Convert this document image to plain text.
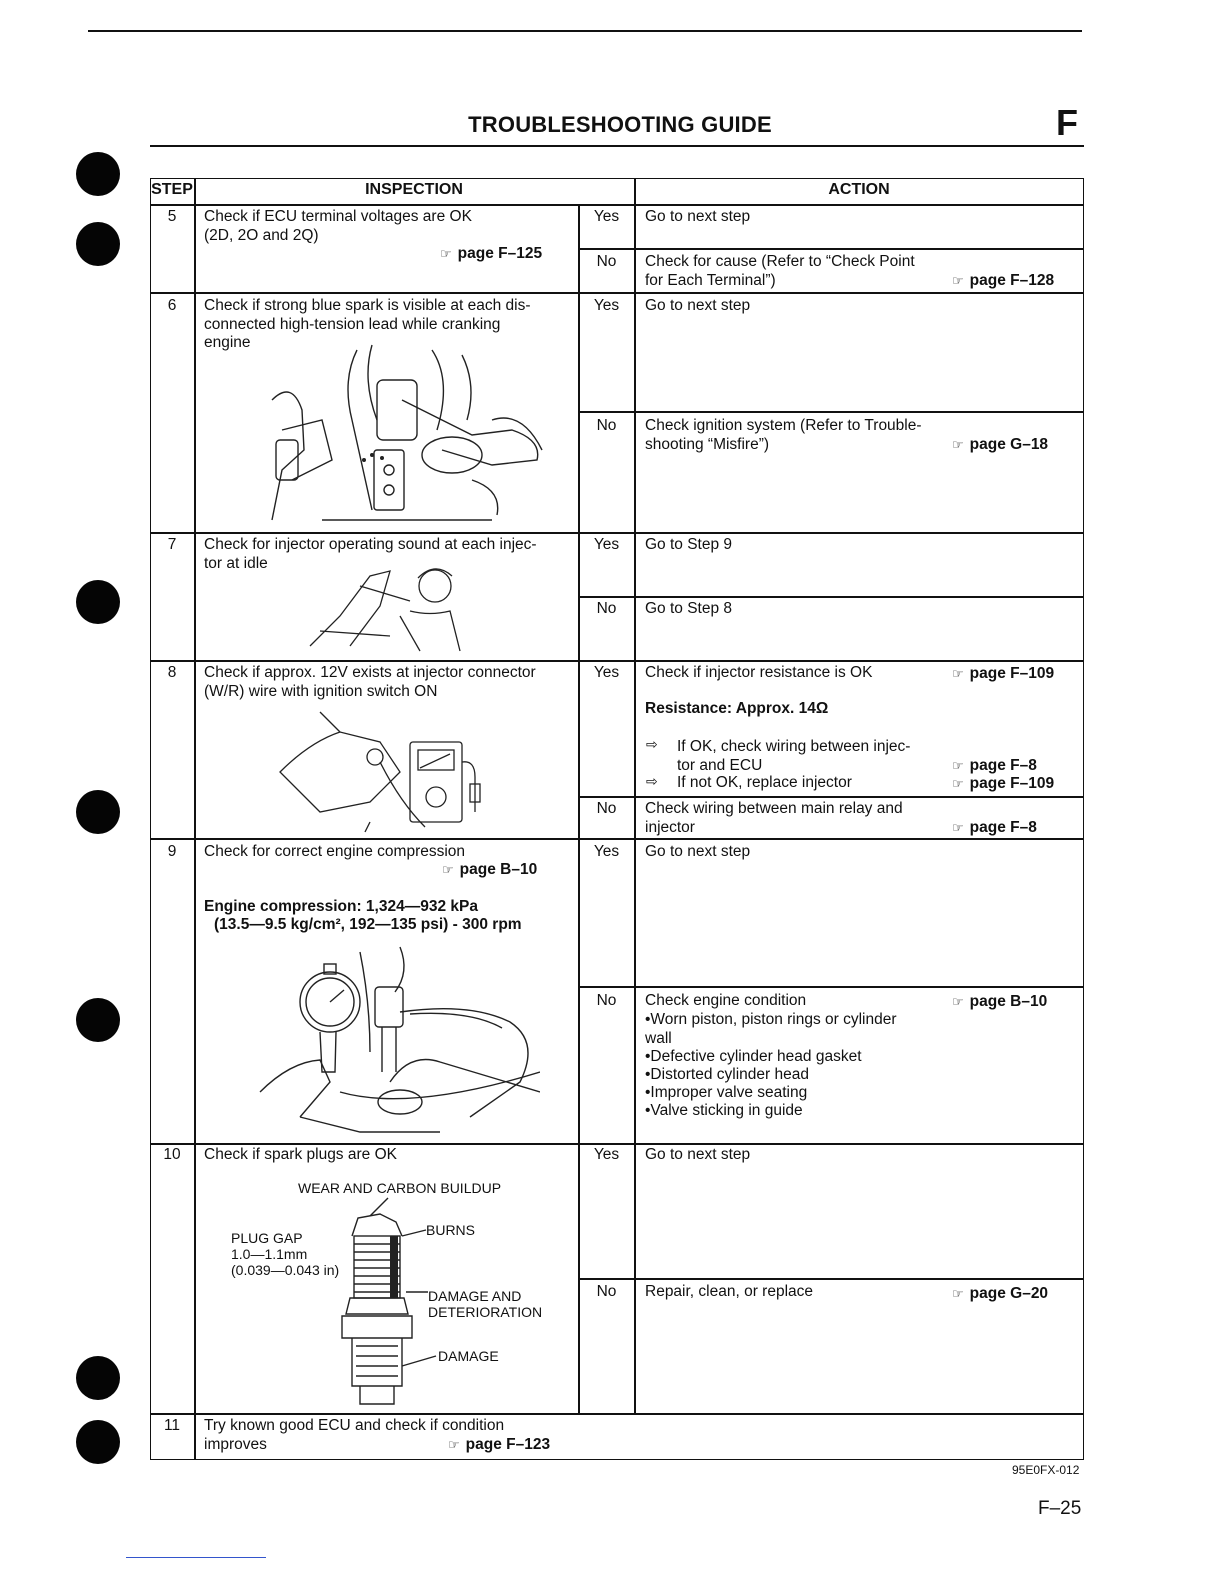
TROUBLESHOOTING GUIDE	F
STEP	INSPECTION	ACTION
5	Check if ECU terminal voltages are OK
(2D, 2O and 2Q)
☞ page F–125
Yes	Go to next step
No	Check for cause (Refer to “Check Point
for Each Terminal”)	☞ page F–128
6	Check if strong blue spark is visible at each dis-
connected high-tension lead while cranking
engine
Yes	Go to next step
No	Check ignition system (Refer to Trouble-
shooting “Misfire”)	☞ page G–18
7	Check for injector operating sound at each injec-
tor at idle
Yes	Go to Step 9
No	Go to Step 8
8	Check if approx. 12V exists at injector connector
(W/R) wire with ignition switch ON
Yes	Check if injector resistance is OK	☞ page F–109
Resistance: Approx. 14Ω
⇨ If OK, check wiring between injec-
tor and ECU	☞ page F–8
⇨ If not OK, replace injector	☞ page F–109
No	Check wiring between main relay and
injector	☞ page F–8
9	Check for correct engine compression
☞ page B–10
Engine compression: 1,324—932 kPa
(13.5—9.5 kg/cm², 192—135 psi) - 300 rpm
Yes	Go to next step
No	Check engine condition	☞ page B–10
•Worn piston, piston rings or cylinder
wall
•Defective cylinder head gasket
•Distorted cylinder head
•Improper valve seating
•Valve sticking in guide
10	Check if spark plugs are OK	Yes	Go to next step
No	Repair, clean, or replace	☞ page G–20
WEAR AND CARBON BUILDUP
PLUG GAP
1.0—1.1mm
(0.039—0.043 in)
BURNS
DAMAGE AND
DETERIORATION
DAMAGE
11	Try known good ECU and check if condition
improves	☞ page F–123
95E0FX-012
F–25
